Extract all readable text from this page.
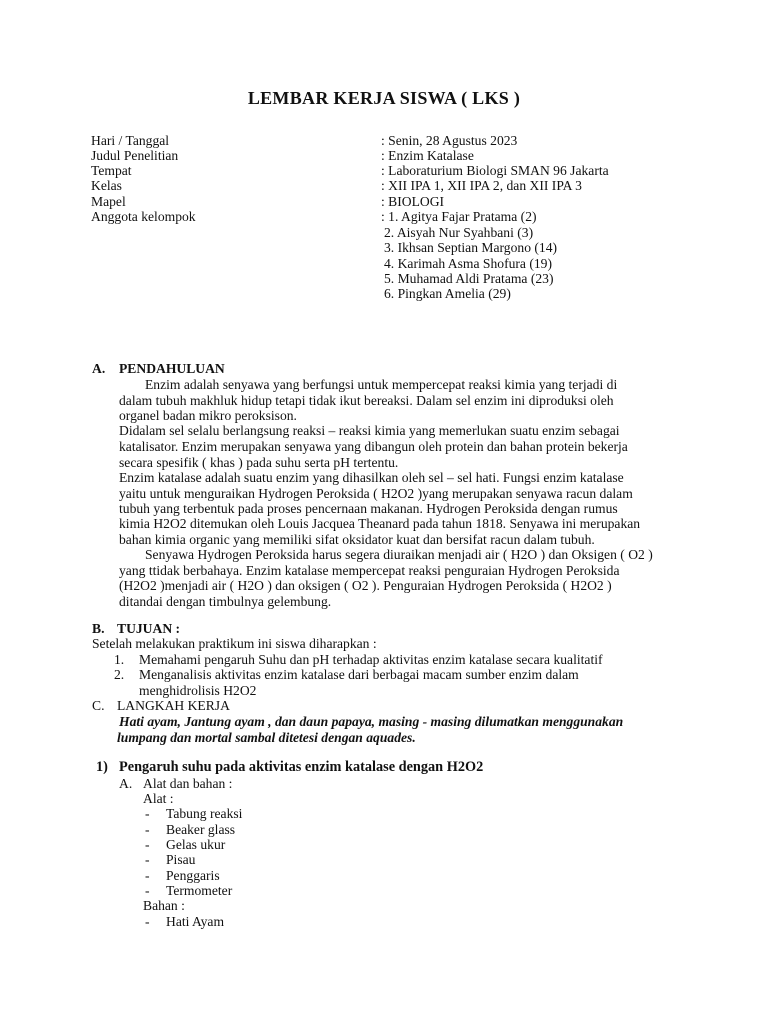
LEMBAR KERJA SISWA ( LKS )
Hari / Tanggal	: Senin, 28 Agustus 2023
Judul Penelitian	: Enzim Katalase
Tempat	: Laboraturium Biologi SMAN 96 Jakarta
Kelas	: XII IPA 1, XII IPA 2, dan XII IPA 3
Mapel	: BIOLOGI
Anggota kelompok	: 1. Agitya Fajar Pratama (2)
2. Aisyah Nur Syahbani (3)
3. Ikhsan Septian Margono (14)
4. Karimah Asma Shofura (19)
5. Muhamad Aldi Pratama (23)
6. Pingkan Amelia (29)
A. PENDAHULUAN
Enzim adalah senyawa yang berfungsi untuk mempercepat reaksi kimia yang terjadi di
dalam tubuh makhluk hidup tetapi tidak ikut bereaksi. Dalam sel enzim ini diproduksi oleh
organel badan mikro peroksison.
Didalam sel selalu berlangsung reaksi – reaksi kimia yang memerlukan suatu enzim sebagai
katalisator. Enzim merupakan senyawa yang dibangun oleh protein dan bahan protein bekerja
secara spesifik ( khas ) pada suhu serta pH tertentu.
Enzim katalase adalah suatu enzim yang dihasilkan oleh sel – sel hati. Fungsi enzim katalase
yaitu untuk menguraikan Hydrogen Peroksida ( H2O2 )yang merupakan senyawa racun dalam
tubuh yang terbentuk pada proses pencernaan makanan. Hydrogen Peroksida dengan rumus
kimia H2O2 ditemukan oleh Louis Jacquea Theanard pada tahun 1818. Senyawa ini merupakan
bahan kimia organic yang memiliki sifat oksidator kuat dan bersifat racun dalam tubuh.
Senyawa Hydrogen Peroksida harus segera diuraikan menjadi air ( H2O ) dan Oksigen ( O2 )
yang ttidak berbahaya. Enzim katalase mempercepat reaksi penguraian Hydrogen Peroksida
(H2O2 )menjadi air ( H2O ) dan oksigen ( O2 ). Penguraian Hydrogen Peroksida ( H2O2 )
ditandai dengan timbulnya gelembung.
B. TUJUAN :
Setelah melakukan praktikum ini siswa diharapkan :
1. Memahami pengaruh Suhu dan pH terhadap aktivitas enzim katalase secara kualitatif
2. Menganalisis aktivitas enzim katalase dari berbagai macam sumber enzim dalam
menghidrolisis H2O2
C. LANGKAH KERJA
Hati ayam, Jantung ayam , dan daun papaya, masing - masing dilumatkan menggunakan
lumpang dan mortal sambal ditetesi dengan aquades.
1) Pengaruh suhu pada aktivitas enzim katalase dengan H2O2
A. Alat dan bahan :
Alat :
- Tabung reaksi
- Beaker glass
- Gelas ukur
- Pisau
- Penggaris
- Termometer
Bahan :
- Hati Ayam
